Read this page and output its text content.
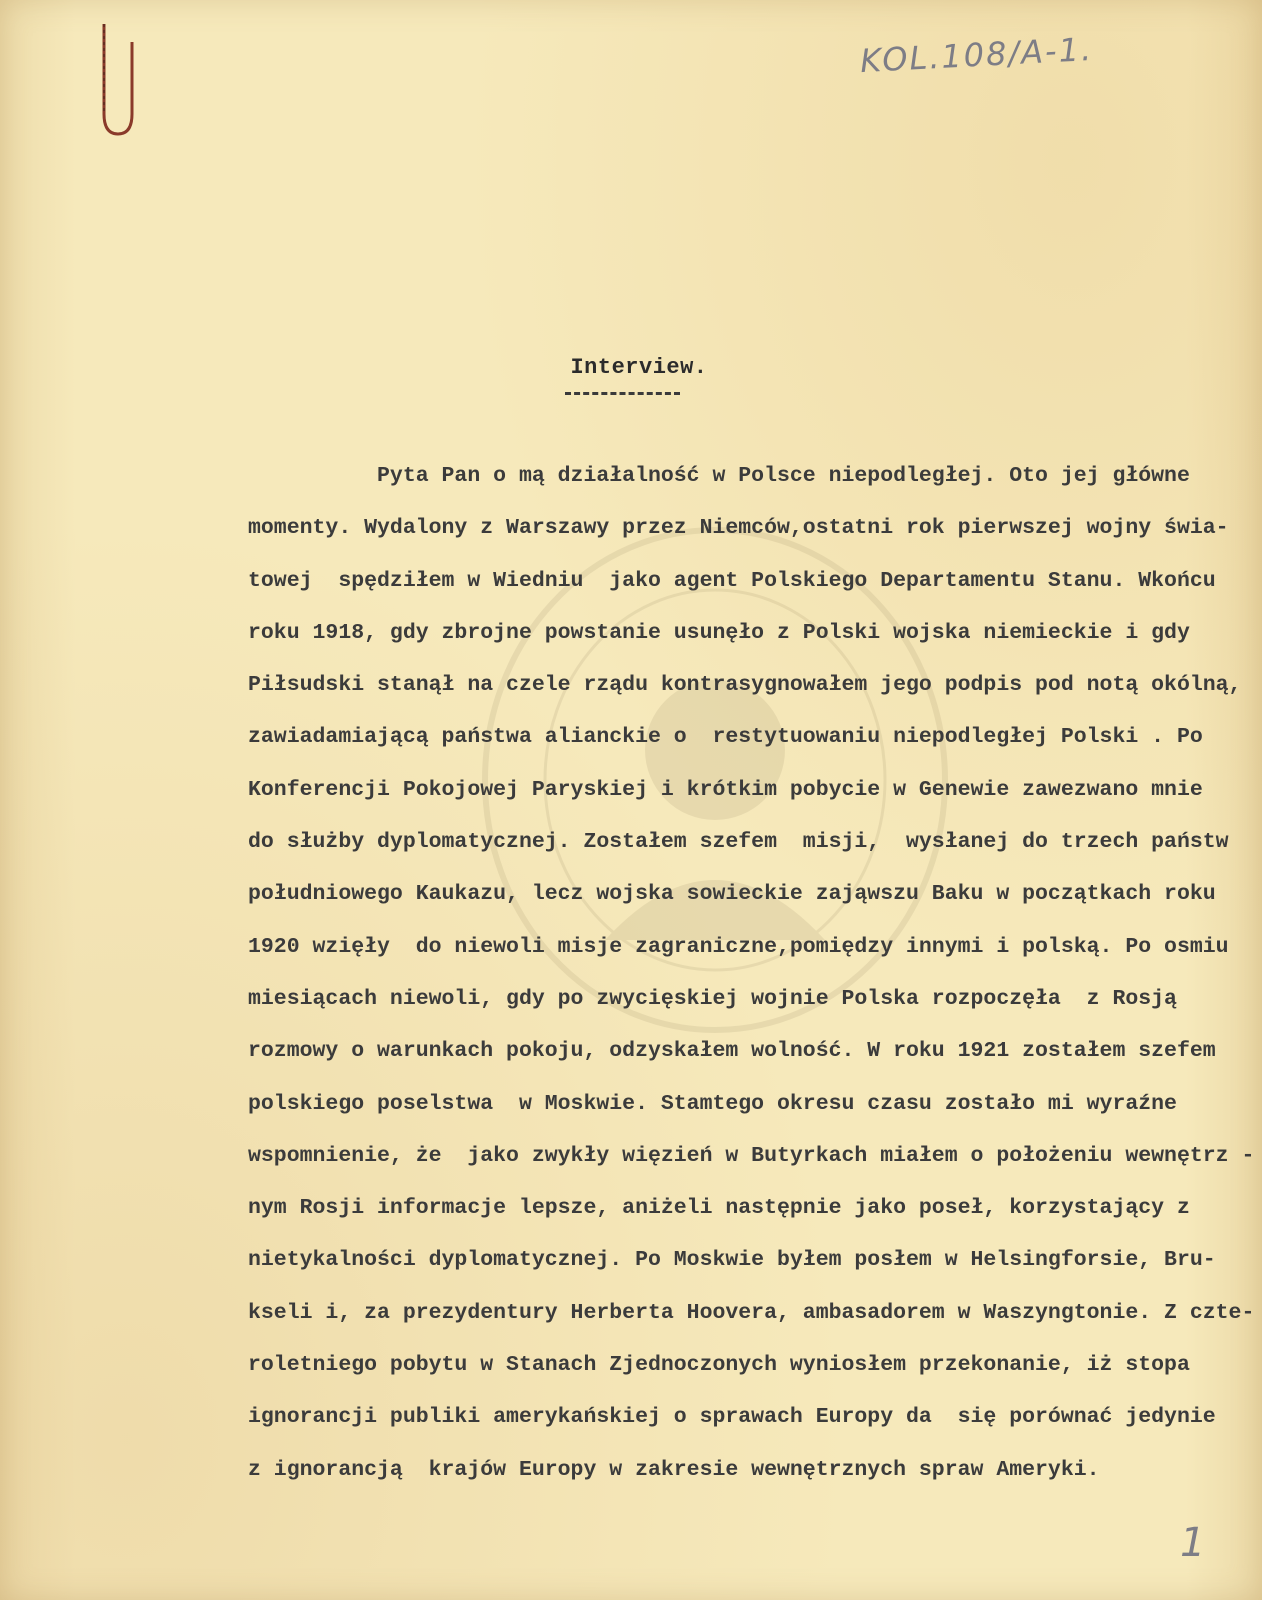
KOL.108/A-1.
Interview.
Pyta Pan o mą działalność w Polsce niepodległej. Oto jej główne
momenty. Wydalony z Warszawy przez Niemców,ostatni rok pierwszej wojny świa-
towej  spędziłem w Wiedniu  jako agent Polskiego Departamentu Stanu. Wkońcu
roku 1918, gdy zbrojne powstanie usunęło z Polski wojska niemieckie i gdy
Piłsudski stanął na czele rządu kontrasygnowałem jego podpis pod notą okólną,
zawiadamiającą państwa alianckie o  restytuowaniu niepodległej Polski . Po
Konferencji Pokojowej Paryskiej i krótkim pobycie w Genewie zawezwano mnie
do służby dyplomatycznej. Zostałem szefem  misji,  wysłanej do trzech państw
południowego Kaukazu, lecz wojska sowieckie zająwszu Baku w początkach roku
1920 wzięły  do niewoli misje zagraniczne,pomiędzy innymi i polską. Po osmiu
miesiącach niewoli, gdy po zwycięskiej wojnie Polska rozpoczęła  z Rosją
rozmowy o warunkach pokoju, odzyskałem wolność. W roku 1921 zostałem szefem
polskiego poselstwa  w Moskwie. Stamtego okresu czasu zostało mi wyraźne
wspomnienie, że  jako zwykły więzień w Butyrkach miałem o położeniu wewnętrz -
nym Rosji informacje lepsze, aniżeli następnie jako poseł, korzystający z
nietykalności dyplomatycznej. Po Moskwie byłem posłem w Helsingforsie, Bru-
kseli i, za prezydentury Herberta Hoovera, ambasadorem w Waszyngtonie. Z czte-
roletniego pobytu w Stanach Zjednoczonych wyniosłem przekonanie, iż stopa
ignorancji publiki amerykańskiej o sprawach Europy da  się porównać jedynie
z ignorancją  krajów Europy w zakresie wewnętrznych spraw Ameryki.
1
